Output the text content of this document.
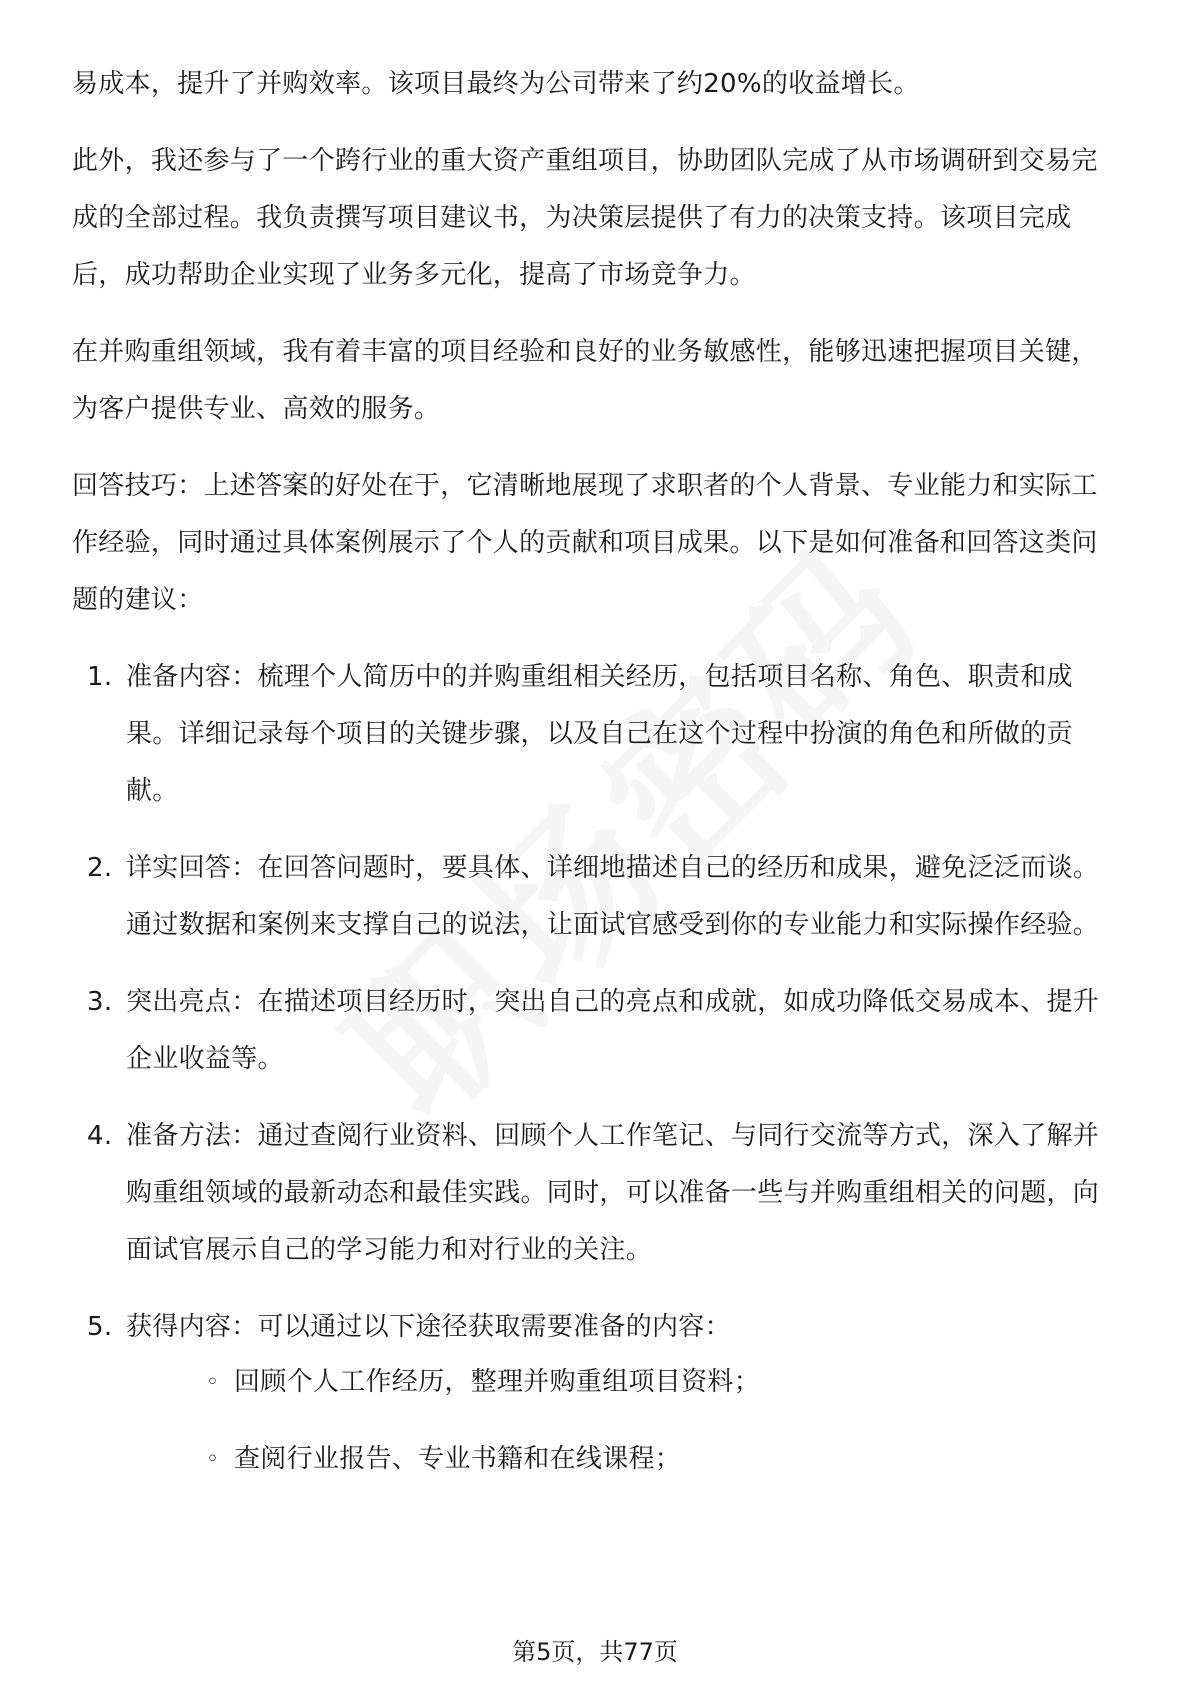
易成本，提升了并购效率。该项目最终为公司带来了约20%的收益增长。

此外，我还参与了一个跨行业的重大资产重组项目，协助团队完成了从市场调研到交易完成的全部过程。我负责撰写项目建议书，为决策层提供了有力的决策支持。该项目完成后，成功帮助企业实现了业务多元化，提高了市场竞争力。

在并购重组领域，我有着丰富的项目经验和良好的业务敏感性，能够迅速把握项目关键，为客户提供专业、高效的服务。

回答技巧：上述答案的好处在于，它清晰地展现了求职者的个人背景、专业能力和实际工作经验，同时通过具体案例展示了个人的贡献和项目成果。以下是如何准备和回答这类问题的建议：

1. 准备内容：梳理个人简历中的并购重组相关经历，包括项目名称、角色、职责和成果。详细记录每个项目的关键步骤，以及自己在这个过程中扮演的角色和所做的贡献。
2. 详实回答：在回答问题时，要具体、详细地描述自己的经历和成果，避免泛泛而谈。通过数据和案例来支撑自己的说法，让面试官感受到你的专业能力和实际操作经验。
3. 突出亮点：在描述项目经历时，突出自己的亮点和成就，如成功降低交易成本、提升企业收益等。
4. 准备方法：通过查阅行业资料、回顾个人工作笔记、与同行交流等方式，深入了解并购重组领域的最新动态和最佳实践。同时，可以准备一些与并购重组相关的问题，向面试官展示自己的学习能力和对行业的关注。
5. 获得内容：可以通过以下途径获取需要准备的内容：
◦ 回顾个人工作经历，整理并购重组项目资料；
◦ 查阅行业报告、专业书籍和在线课程；
第5页，共77页
